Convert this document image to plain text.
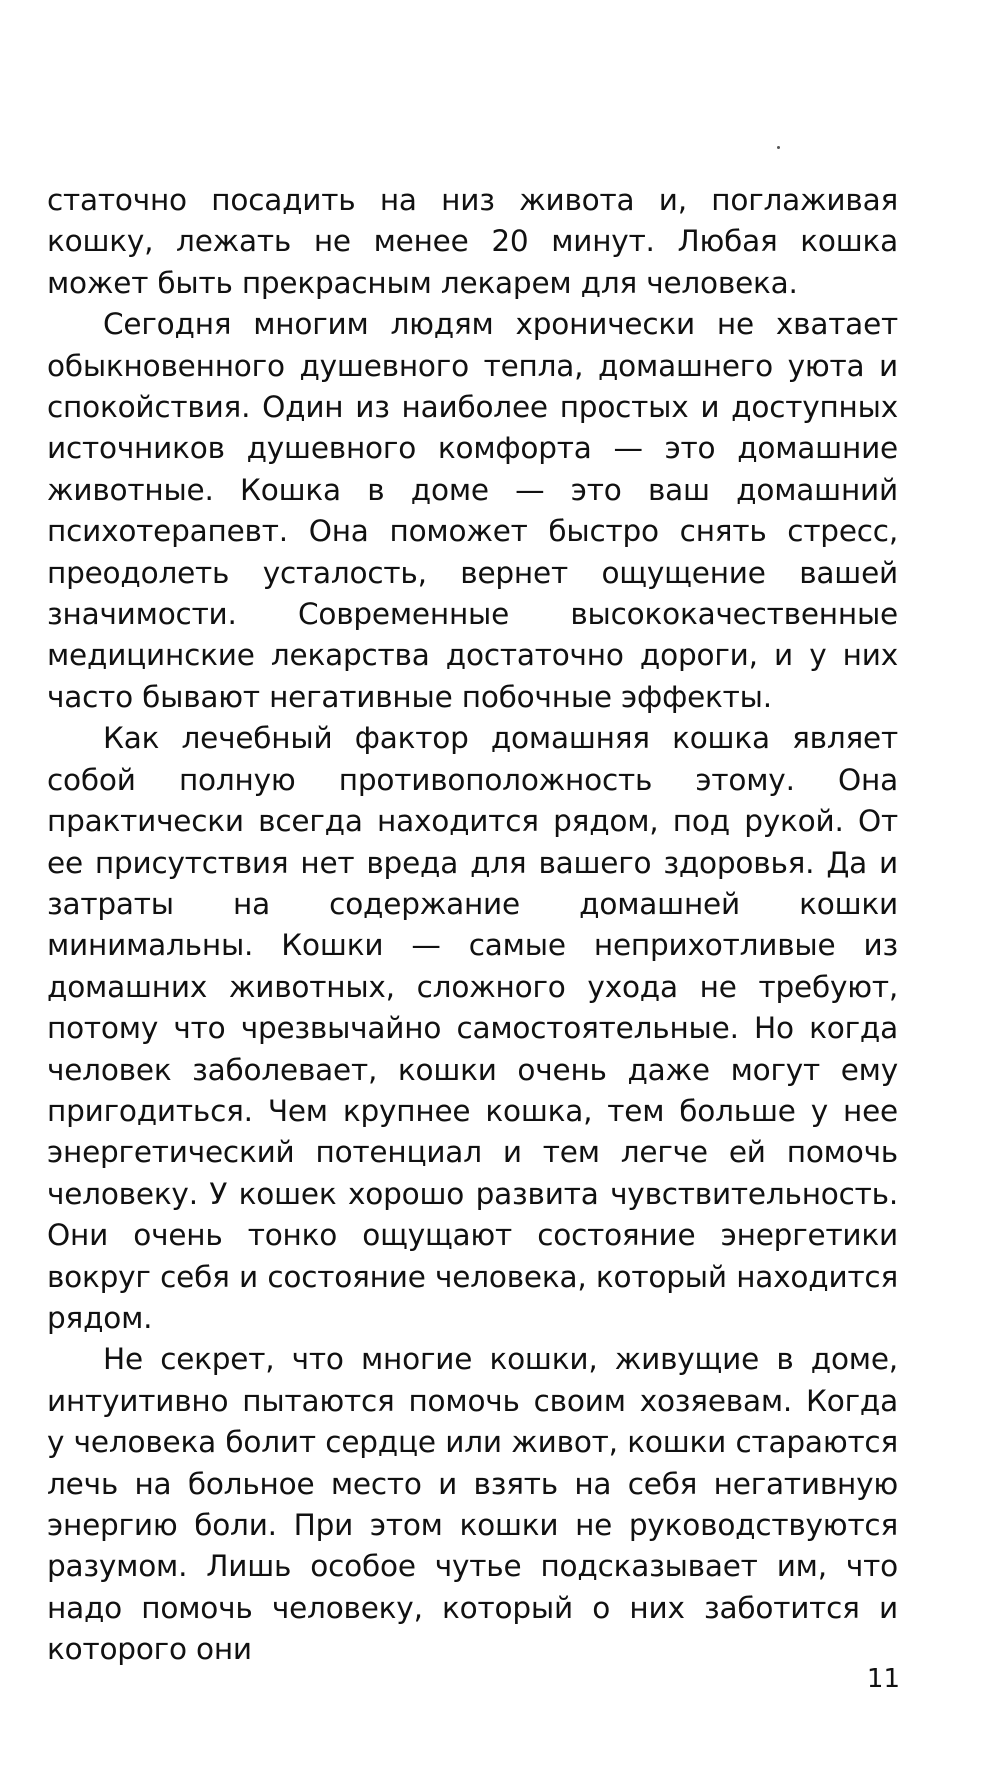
статочно посадить на низ живота и, поглаживая кошку, лежать не менее 20 минут. Любая кошка может быть прекрасным лекарем для человека.

Сегодня многим людям хронически не хватает обыкновенного душевного тепла, домашнего уюта и спокойствия. Один из наиболее простых и доступных источников душевного комфорта — это домашние животные. Кошка в доме — это ваш домашний психотерапевт. Она поможет быстро снять стресс, преодолеть усталость, вернет ощущение вашей значимости. Современные высококачественные медицинские лекарства достаточно дороги, и у них часто бывают негативные побочные эффекты.

Как лечебный фактор домашняя кошка являет собой полную противоположность этому. Она практически всегда находится рядом, под рукой. От ее присутствия нет вреда для вашего здоровья. Да и затраты на содержание домашней кошки минимальны. Кошки — самые неприхотливые из домашних животных, сложного ухода не требуют, потому что чрезвычайно самостоятельные. Но когда человек заболевает, кошки очень даже могут ему пригодиться. Чем крупнее кошка, тем больше у нее энергетический потенциал и тем легче ей помочь человеку. У кошек хорошо развита чувствительность. Они очень тонко ощущают состояние энергетики вокруг себя и состояние человека, который находится рядом.

Не секрет, что многие кошки, живущие в доме, интуитивно пытаются помочь своим хозяевам. Когда у человека болит сердце или живот, кошки стараются лечь на больное место и взять на себя негативную энергию боли. При этом кошки не руководствуются разумом. Лишь особое чутье подсказывает им, что надо помочь человеку, который о них заботится и которого они

11
